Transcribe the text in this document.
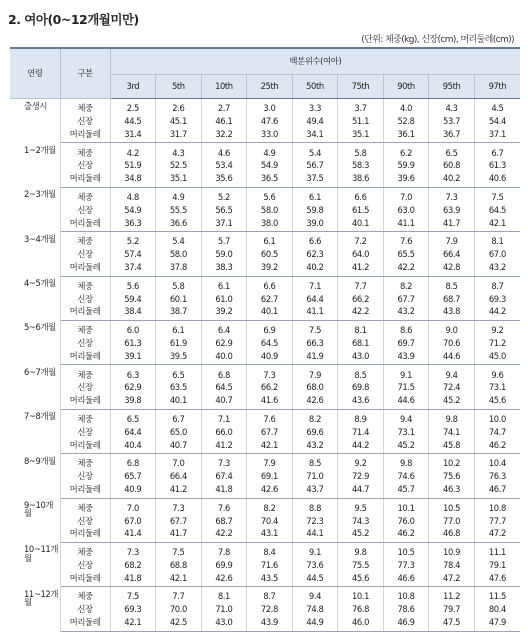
2. 여아(0~12개월미만)
(단위: 체중(kg), 신장(cm), 머리둘레(cm))
연령	구분	백분위수(여아)								
		3rd	5th	10th	25th	50th	75th	90th	95th	97th
출생시	체중	2.5	2.6	2.7	3.0	3.3	3.7	4.0	4.3	4.5
	신장	44.5	45.1	46.1	47.6	49.4	51.1	52.8	53.7	54.4
	머리둘레	31.4	31.7	32.2	33.0	34.1	35.1	36.1	36.7	37.1
1~2개월	체중	4.2	4.3	4.6	4.9	5.4	5.8	6.2	6.5	6.7
	신장	51.9	52.5	53.4	54.9	56.7	58.3	59.9	60.8	61.3
	머리둘레	34.8	35.1	35.6	36.5	37.5	38.6	39.6	40.2	40.6
2~3개월	체중	4.8	4.9	5.2	5.6	6.1	6.6	7.0	7.3	7.5
	신장	54.9	55.5	56.5	58.0	59.8	61.5	63.0	63.9	64.5
	머리둘레	36.3	36.6	37.1	38.0	39.0	40.1	41.1	41.7	42.1
3~4개월	체중	5.2	5.4	5.7	6.1	6.6	7.2	7.6	7.9	8.1
	신장	57.4	58.0	59.0	60.5	62.3	64.0	65.5	66.4	67.0
	머리둘레	37.4	37.8	38.3	39.2	40.2	41.2	42.2	42.8	43.2
4~5개월	체중	5.6	5.8	6.1	6.6	7.1	7.7	8.2	8.5	8.7
	신장	59.4	60.1	61.0	62.7	64.4	66.2	67.7	68.7	69.3
	머리둘레	38.4	38.7	39.2	40.1	41.1	42.2	43.2	43.8	44.2
5~6개월	체중	6.0	6.1	6.4	6.9	7.5	8.1	8.6	9.0	9.2
	신장	61.3	61.9	62.9	64.5	66.3	68.1	69.7	70.6	71.2
	머리둘레	39.1	39.5	40.0	40.9	41.9	43.0	43.9	44.6	45.0
6~7개월	체중	6.3	6.5	6.8	7.3	7.9	8.5	9.1	9.4	9.6
	신장	62.9	63.5	64.5	66.2	68.0	69.8	71.5	72.4	73.1
	머리둘레	39.8	40.1	40.7	41.6	42.6	43.6	44.6	45.2	45.6
7~8개월	체중	6.5	6.7	7.1	7.6	8.2	8.9	9.4	9.8	10.0
	신장	64.4	65.0	66.0	67.7	69.6	71.4	73.1	74.1	74.7
	머리둘레	40.4	40.7	41.2	42.1	43.2	44.2	45.2	45.8	46.2
8~9개월	체중	6.8	7.0	7.3	7.9	8.5	9.2	9.8	10.2	10.4
	신장	65.7	66.4	67.4	69.1	71.0	72.9	74.6	75.6	76.3
	머리둘레	40.9	41.2	41.8	42.6	43.7	44.7	45.7	46.3	46.7
9~10개월	체중	7.0	7.3	7.6	8.2	8.8	9.5	10.1	10.5	10.8
	신장	67.0	67.7	68.7	70.4	72.3	74.3	76.0	77.0	77.7
	머리둘레	41.4	41.7	42.2	43.1	44.1	45.2	46.2	46.8	47.2
10~11개월	체중	7.3	7.5	7.8	8.4	9.1	9.8	10.5	10.9	11.1
	신장	68.2	68.8	69.9	71.6	73.6	75.5	77.3	78.4	79.1
	머리둘레	41.8	42.1	42.6	43.5	44.5	45.6	46.6	47.2	47.6
11~12개월	체중	7.5	7.7	8.1	8.7	9.4	10.1	10.8	11.2	11.5
	신장	69.3	70.0	71.0	72.8	74.8	76.8	78.6	79.7	80.4
	머리둘레	42.1	42.5	43.0	43.9	44.9	46.0	46.9	47.5	47.9
